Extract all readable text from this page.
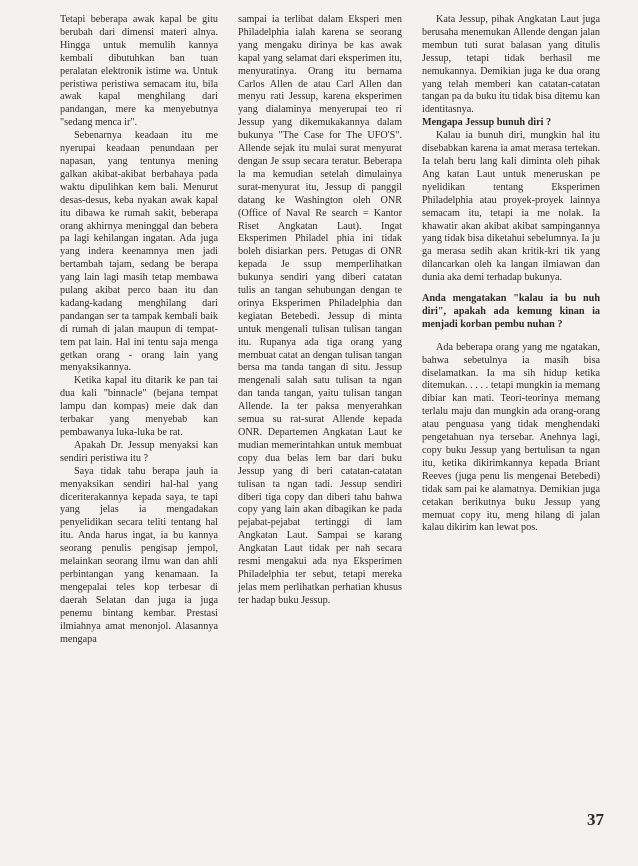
Tetapi beberapa awak kapal be gitu berubah dari dimensi materi alnya. Hingga untuk memulih kannya kembali dibutuhkan ban tuan peralatan elektronik istime wa. Untuk peristiwa peristiwa semacam itu, bila awak kapal menghilang dari pandangan, mere ka menyebutnya "sedang menca ir".

Sebenarnya keadaan itu me nyerupai keadaan penundaan per napasan, yang tentunya mening galkan akibat-akibat berbahaya pada waktu dipulihkan kem bali. Menurut desas-desus, keba nyakan awak kapal itu dibawa ke rumah sakit, beberapa orang akhirnya meninggal dan bebera pa lagi kehilangan ingatan. Ada juga yang indera keenamnya men jadi bertambah tajam, sedang be berapa yang lain lagi masih tetap membawa pulang akibat perco baan itu dan kadang-kadang menghilang dari pandangan ser ta tampak kembali baik di rumah di jalan maupun di tempat-tem pat lain. Hal ini tentu saja menga getkan orang - orang lain yang menyaksikannya.

Ketika kapal itu ditarik ke pan tai dua kali "binnacle" (bejana tempat lampu dan kompas) meie dak dan terbakar yang menyebab kan pembawanya luka-luka be rat.

Apakah Dr. Jessup menyaksi kan sendiri peristiwa itu ?

Saya tidak tahu berapa jauh ia menyaksikan sendiri hal-hal yang diceriterakannya kepada saya, te tapi yang jelas ia mengadakan penyelidikan secara teliti tentang hal itu. Anda harus ingat, ia bu kannya seorang penulis pengisap jempol, melainkan seorang ilmu wan dan ahli perbintangan yang kenamaan. Ia mengepalai teles kop terbesar di daerah Selatan dan juga ia juga penemu bintang kembar. Prestasi ilmiahnya amat menonjol. Alasannya mengapa

sampai ia terlibat dalam Eksperi men Philadelphia ialah karena se seorang yang mengaku dirinya be kas awak kapal yang selamat dari eksperimen itu, menyuratinya. Orang itu bernama Carlos Allen de atau Carl Allen dan menyu rati Jessup, karena eksperimen yang dialaminya menyerupai teo ri Jessup yang dikemukakannya dalam bukunya "The Case for The UFO'S". Allende sejak itu mulai surat menyurat dengan Je ssup secara teratur. Beberapa la ma kemudian setelah dimulainya surat-menyurat itu, Jessup di panggil datang ke Washington oleh ONR (Office of Naval Re search = Kantor Riset Angkatan Laut). Ingat Eksperimen Philadel phia ini tidak boleh disiarkan pers. Petugas di ONR kepada Je ssup memperlihatkan bukunya sendiri yang diberi catatan tulis an tangan sehubungan dengan te orinya Eksperimen Philadelphia dan kegiatan Betebedi. Jessup di minta untuk mengenali tulisan tulisan tangan itu. Rupanya ada tiga orang yang membuat catat an dengan tulisan tangan bersa ma tanda tangan di situ. Jessup mengenali salah satu tulisan ta ngan dan tanda tangan, yaitu tulisan tangan Allende. Ia ter paksa menyerahkan semua su rat-surat Allende kepada ONR. Departemen Angkatan Laut ke mudian memerintahkan untuk membuat copy dua belas lem bar dari buku Jessup yang di beri catatan-catatan tulisan ta ngan tadi. Jessup sendiri diberi tiga copy dan diberi tahu bahwa copy yang lain akan dibagikan ke pada pejabat-pejabat tertinggi di lam Angkatan Laut. Sampai se karang Angkatan Laut tidak per nah secara resmi mengakui ada nya Eksperimen Philadelphia ter sebut, tetapi mereka jelas mem perlihatkan perhatian khusus ter hadap buku Jessup.

Kata Jessup, pihak Angkatan Laut juga berusaha menemukan Allende dengan jalan membun tuti surat balasan yang ditulis Jessup, tetapi tidak berhasil me nemukannya. Demikian juga ke dua orang yang telah memberi kan catatan-catatan tangan pa da buku itu tidak bisa ditemu kan identitasnya.

Mengapa Jessup bunuh diri ?

Kalau ia bunuh diri, mungkin hal itu disebabkan karena ia amat merasa tertekan. Ia telah beru lang kali diminta oleh pihak Ang katan Laut untuk meneruskan pe nyelidikan tentang Eksperimen Philadelphia atau proyek-proyek lainnya semacam itu, tetapi ia me nolak. Ia khawatir akan akibat akibat sampingannya yang tidak bisa diketahui sebelumnya. Ia ju ga merasa sedih akan kritik-kri tik yang dilancarkan oleh ka langan ilmiawan dan dunia aka demi terhadap bukunya.

Anda mengatakan "kalau ia bu nuh diri", apakah ada kemung kinan ia menjadi korban pembu nuhan ?

Ada beberapa orang yang me ngatakan, bahwa sebetulnya ia masih bisa diselamatkan. Ia ma sih hidup ketika ditemukan. . . . . tetapi mungkin ia memang dibiar kan mati. Teori-teorinya memang terlalu maju dan mungkin ada orang-orang atau penguasa yang tidak menghendaki pengetahuan nya tersebar. Anehnya lagi, copy buku Jessup yang bertulisan ta ngan itu, ketika dikirimkannya kepada Briant Reeves (juga penu lis mengenai Betebedi) tidak sam pai ke alamatnya. Demikian juga cetakan berikutnya buku Jessup yang memuat copy itu, meng hilang di jalan kalau dikirim kan lewat pos.

37
